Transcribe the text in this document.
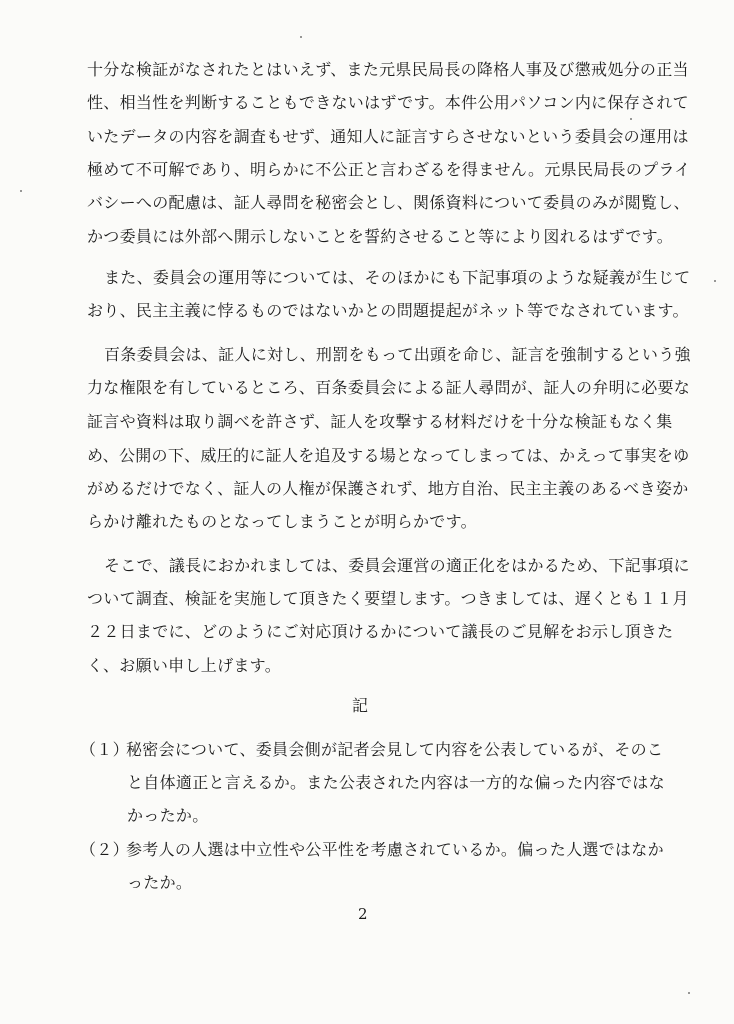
十分な検証がなされたとはいえず、また元県民局長の降格人事及び懲戒処分の正当
性、相当性を判断することもできないはずです。本件公用パソコン内に保存されて
いたデータの内容を調査もせず、通知人に証言すらさせないという委員会の運用は
極めて不可解であり、明らかに不公正と言わざるを得ません。元県民局長のプライ
バシーへの配慮は、証人尋問を秘密会とし、関係資料について委員のみが閲覧し、
かつ委員には外部へ開示しないことを誓約させること等により図れるはずです。
また、委員会の運用等については、そのほかにも下記事項のような疑義が生じて
おり、民主主義に悖るものではないかとの問題提起がネット等でなされています。
百条委員会は、証人に対し、刑罰をもって出頭を命じ、証言を強制するという強
力な権限を有しているところ、百条委員会による証人尋問が、証人の弁明に必要な
証言や資料は取り調べを許さず、証人を攻撃する材料だけを十分な検証もなく集
め、公開の下、威圧的に証人を追及する場となってしまっては、かえって事実をゆ
がめるだけでなく、証人の人権が保護されず、地方自治、民主主義のあるべき姿か
らかけ離れたものとなってしまうことが明らかです。
そこで、議長におかれましては、委員会運営の適正化をはかるため、下記事項に
ついて調査、検証を実施して頂きたく要望します。つきましては、遅くとも１１月
２２日までに、どのようにご対応頂けるかについて議長のご見解をお示し頂きた
く、お願い申し上げます。
記
（１）
秘密会について、委員会側が記者会見して内容を公表しているが、そのこ
と自体適正と言えるか。また公表された内容は一方的な偏った内容ではな
かったか。
（２）
参考人の人選は中立性や公平性を考慮されているか。偏った人選ではなか
ったか。
2
